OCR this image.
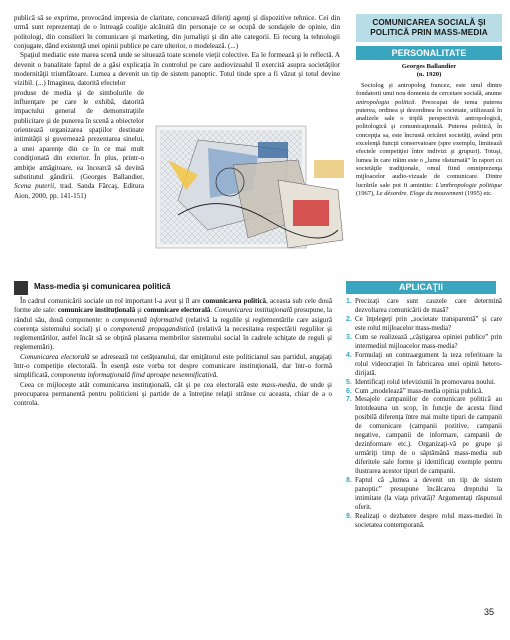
publică să se exprime, provocând impresia de claritate, concurează diferiţi agenţi şi dispozitive tehnice. Cei din urmă sunt reprezentaţi de o întreagă coaliţie alcătuită din personaje ce se ocupă de sondajele de opinie, din politologi, din consilieri în comunicare şi marketing, din jurnalişti şi din alte categorii. Ei recurg la tehnologii conjugate, dând existenţă unei opinii publice pe care ulterior, o modelează. (...)

Spaţiul mediatic este marea scenă unde se situează toate scenele vieţii colective. Ea le formează şi le reflectă. A devenit o banalitate faptul de a găsi explicaţia în controlul pe care audiovizualul îl exercită asupra societăţilor modernităţii triumfătoare. Lumea a devenit un tip de sistem panoptic. Totul tinde spre a fi văzut şi totul devine vizibil. (...) Imaginea, datorită efectelor

produse de media şi de simbolurile de influenţare pe care le exhibă, datorită impactului general de demonstraţiile publicitare şi de punerea în scenă a obiectelor orientează organizarea spaţiilor destinate intimităţii şi guvernează prezentarea sinelui, a unei aparenţe din ce în ce mai mult condiţionată din exterior. În plus, printr-o ambiţie amăgitoare, ea încearcă să devină substitutul gândirii. (Georges Ballandier, Scena puterii, trad. Sanda Fărcaş, Editura Aion, 2000, pp. 141-151)
Mass-media şi comunicarea politică

În cadrul comunicării sociale un rol important l-a avut şi îl are comunicarea politică, aceasta sub cele două forme ale sale: comunicare instituţională şi comunicare electorală. Comunicarea instituţională presupune, la rândul său, două componente: o componentă informativă (relativă la regulile şi reglementările care asigură coerenţa sistemului social) şi o componentă propagandistică (relativă la necesitatea respectării regulilor şi reglementărilor, astfel încât să se obţină plasarea membrilor sistemului social în cadrele schiţate de reguli şi reglementări).

Comunicarea electorală se adresează tot cetăţeanului, dar emiţătorul este politicianul sau partidul, angajaţi într-o competiţie electorală. În esenţă este vorba tot despre comunicare instituţională, dar într-o formă simplificată, componenta informaţională fiind aproape nesemnificativă.

Ceea ce mijloceşte atât comunicarea instituţională, cât şi pe cea electorală este mass-media, de unde şi preocuparea permanentă pentru politicieni şi partide de a întreţine relaţii strânse cu aceasta, chiar de a o controla.

COMUNICAREA SOCIALĂ ŞI POLITICĂ PRIN MASS-MEDIA
PERSONALITATE
Georges Ballandier
(n. 1920)

Sociolog şi antropolog francez, este unul dintre fondatorii unui nou domeniu de cercetare socială, anume antropologia politică. Preocupat de tema puterea puterea, ordinea şi dezordinea în societate, utilizează în analizele sale o triplă perspectivă: antropologică, politologică şi comunicaţională. Puterea politică, în concepţia sa, este încrustă oricărei societăţi, având prin excelenţă funcţii conservatoare (spre exemplu, limitează efectele competiţiei între indivizi şi grupuri). Totuşi, lumea în care trăim este o „lume răsturnată” în raport cu societăţile tradiţionale, omul fiind omniprezenţa mijloacelor audio-vizuale de comunicare. Dintre lucrările sale pot fi amintite: L'anthropologie politique (1967), Le désordre. Eloge du mouvement (1995) etc.

APLICAŢII
1. Precizaţi care sunt cauzele care determină dezvoltarea comunicării de masă?
2. Ce înţelegeţi prin „societate transparentă” şi care este rolul mijloacelor mass-media?
3. Cum se realizează „câştigarea opiniei publice” prin intermediul mijloacelor mass-media?
4. Formulaţi un contraargument la teza referitoare la rolul videocraţiei în fabricarea unei opinii hetero-dirijată.
5. Identificaţi rolul televiziunii în promovarea noului.
6. Cum „modelează” mass-media opinia publică.
7. Mesajele campaniilor de comunicare politică au întotdeauna un scop, în funcţie de acesta fiind posibilă diferenţa între mai multe tipuri de campanii de comunicare (campanii pozitive, campanii negative, campanii de informare, campanii de dezinformare etc.). Organizaţi-vă pe grupe şi urmăriţi timp de o săptămână mass-media sub diferitele sale forme şi identificaţi exemple pentru ilustrarea acestor tipuri de campanii.
8. Faptul că „lumea a devenit un tip de sistem panoptic” presupune încălcarea dreptului la intimitate (la viaţa privată)? Argumentaţi răspunsul oferit.
9. Realizaţi o dezbatere despre rolul mass-mediei în societatea contemporană.
35
